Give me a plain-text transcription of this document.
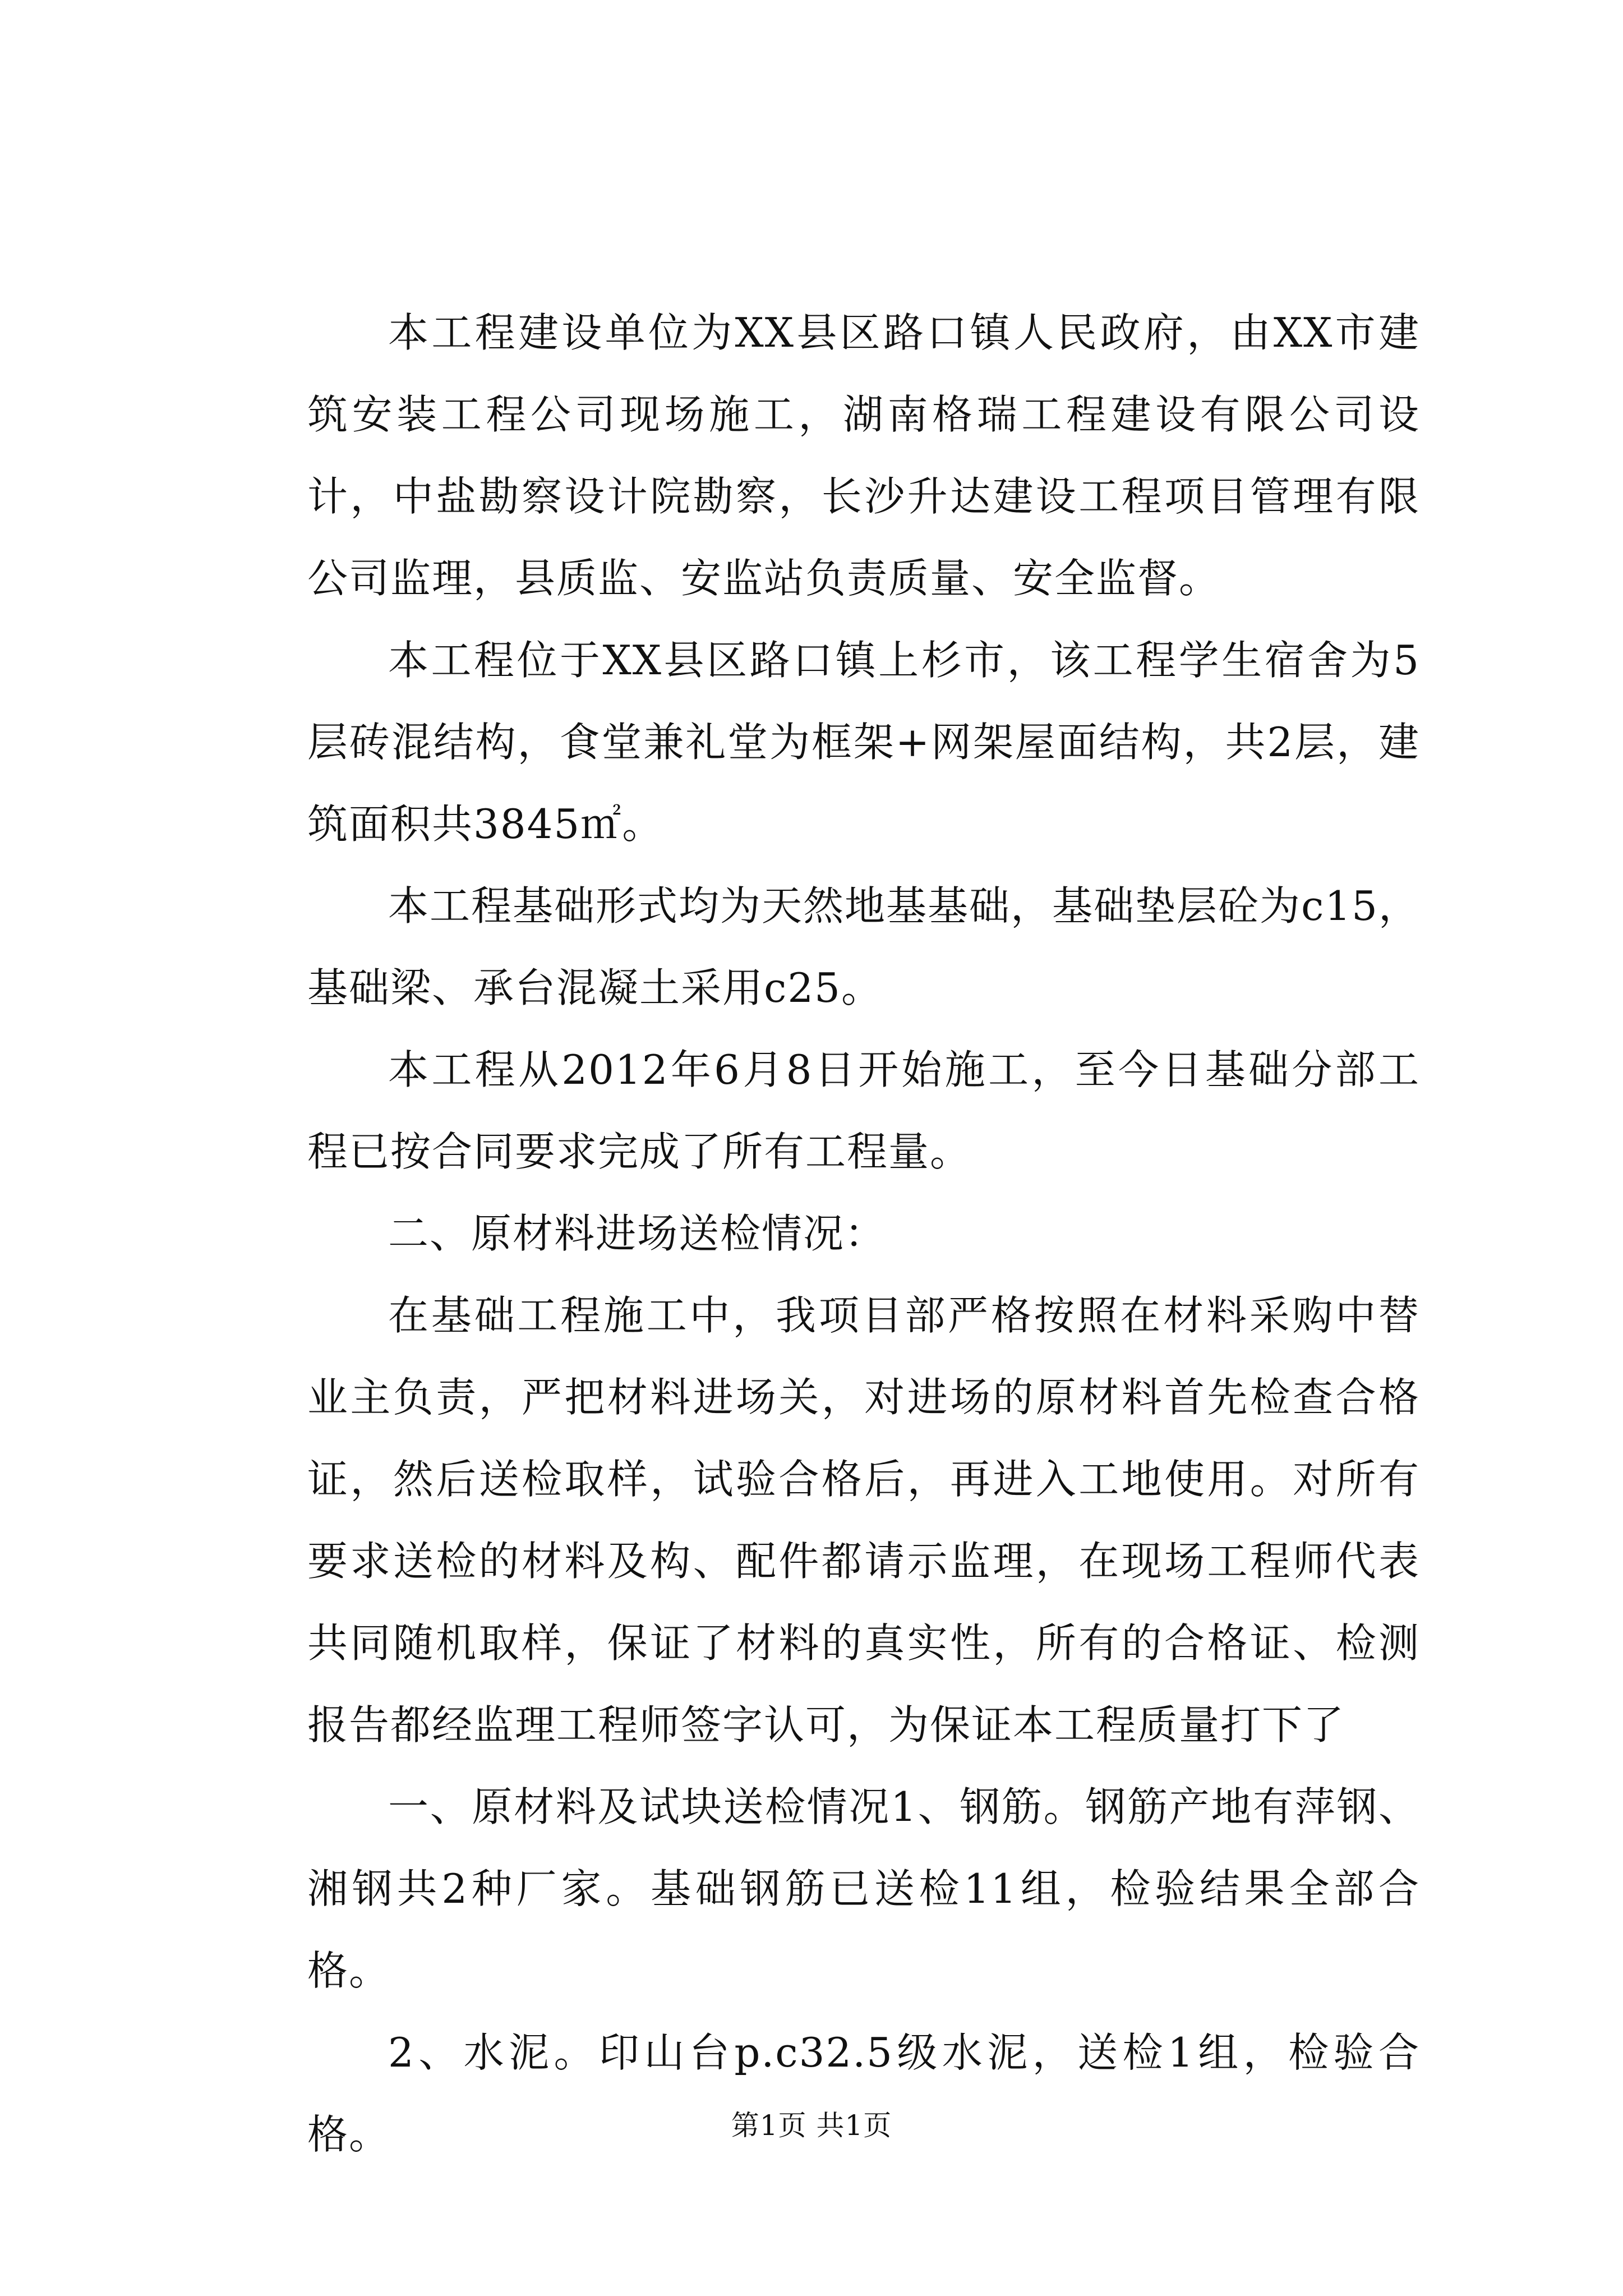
本工程建设单位为XX县区路口镇人民政府，由XX市建筑安装工程公司现场施工，湖南格瑞工程建设有限公司设计，中盐勘察设计院勘察，长沙升达建设工程项目管理有限公司监理，县质监、安监站负责质量、安全监督。

本工程位于XX县区路口镇上杉市，该工程学生宿舍为5层砖混结构，食堂兼礼堂为框架+网架屋面结构，共2层，建筑面积共3845㎡。

本工程基础形式均为天然地基基础，基础垫层砼为c15，基础梁、承台混凝土采用c25。

本工程从2012年6月8日开始施工，至今日基础分部工程已按合同要求完成了所有工程量。

二、原材料进场送检情况：

在基础工程施工中，我项目部严格按照在材料采购中替业主负责，严把材料进场关，对进场的原材料首先检查合格证，然后送检取样，试验合格后，再进入工地使用。对所有要求送检的材料及构、配件都请示监理，在现场工程师代表共同随机取样，保证了材料的真实性，所有的合格证、检测报告都经监理工程师签字认可，为保证本工程质量打下了

一、原材料及试块送检情况1、钢筋。钢筋产地有萍钢、湘钢共2种厂家。基础钢筋已送检11组，检验结果全部合格。

2、水泥。印山台p.c32.5级水泥，送检1组，检验合格。	第1页 共1页
